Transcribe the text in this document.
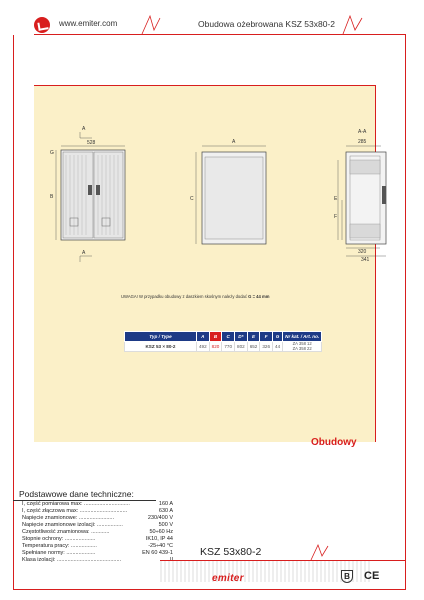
www.emiter.com	Obudowa ożebrowana KSZ 53x80-2
A
528
A
G
B
A
C
A-A
285
E
F
320
341
UWAGA! W przypadku obudowy z daszkiem skośnym należy dodać G = 44 mm
Typ / Type	A	B	C	D*	E	F	G	Nr kat. / Art. no.
KSZ 53 × 80-2	492	820	770	802	652	326	44	ZA 358 12
ZA 358 22
Obudowy
Podstawowe dane techniczne:
I, część pomiarowa max: ..............................	160 A
I, część złączowa max: ...............................	630 A
Napięcie znamionowe: .......................	230/400 V
Napięcie znamionowe izolacji: .................	500 V
Częstotliwość znamionowa: ............	50÷60 Hz
Stopnie ochrony: ....................	IK10, IP 44
Temperatura pracy: .................	-25÷40 °C
Spełniane normy: ...................	EN 60 439-1
Klasa izolacji: ..........................................
KSZ 53x80-2
emiter	B CE
